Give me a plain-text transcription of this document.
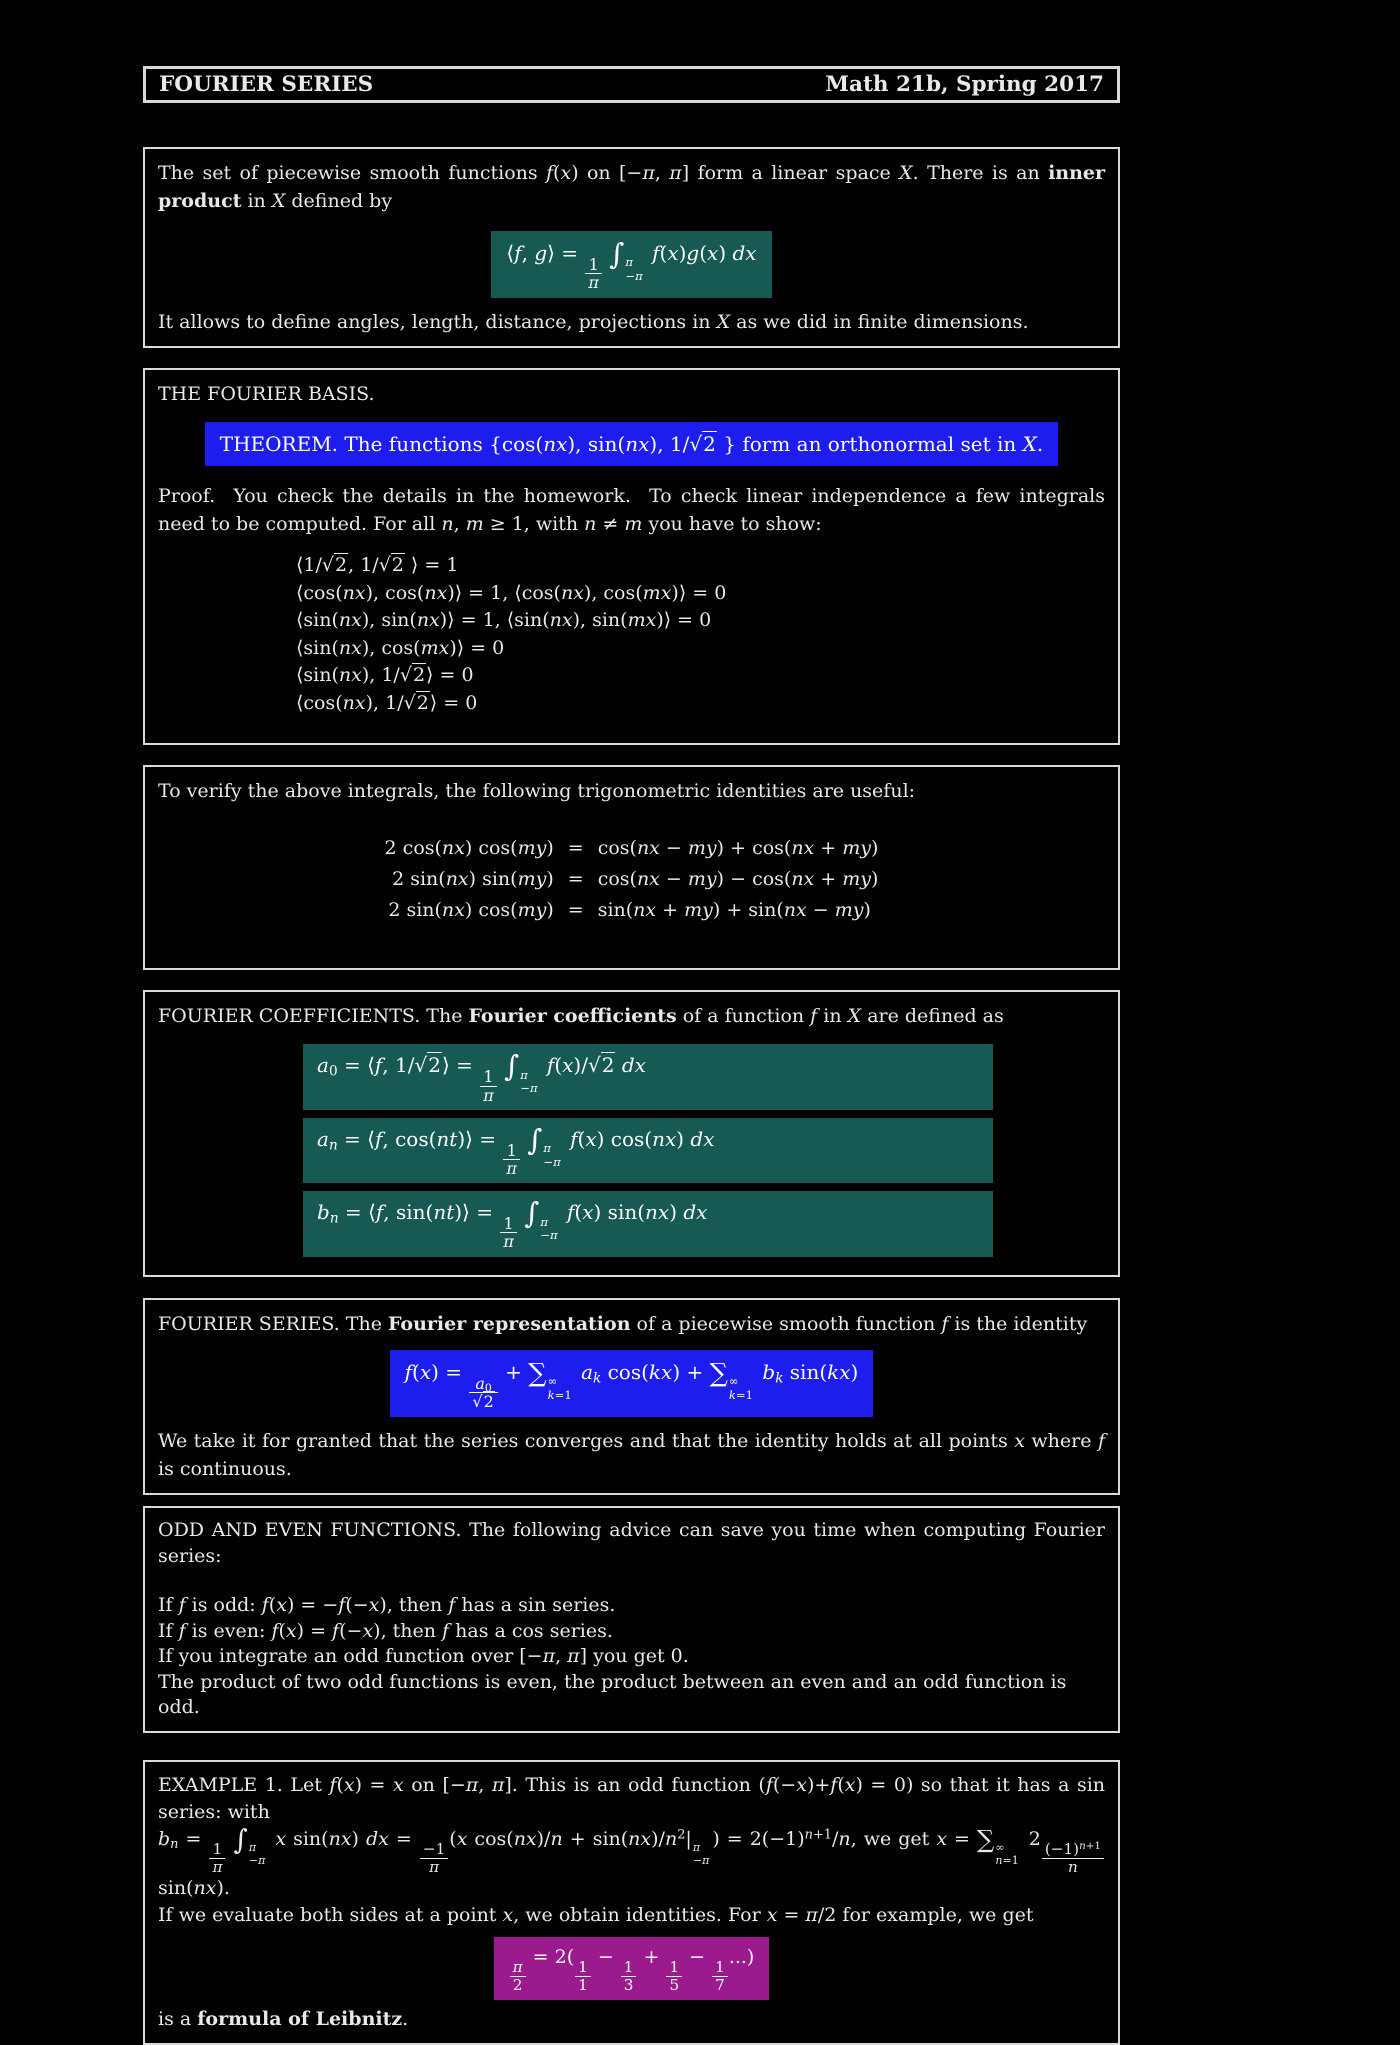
FOURIER SERIES	Math 21b, Spring 2017

The set of piecewise smooth functions f(x) on [−π, π] form a linear space X. There is an inner product in X defined by

⟨f, g⟩ =
$\frac{1}{\pi}$
∫ π
−π
f(x)g(x) dx

It allows to define angles, length, distance, projections in X as we did in finite dimensions.

THE FOURIER BASIS.

THEOREM. The functions {cos(nx), sin(nx), 1/√2 } form an orthonormal set in X.

Proof.  You check the details in the homework.  To check linear independence a few integrals need to be computed. For all n, m ≥ 1, with n ≠ m you have to show:

⟨1/√2, 1/√2 ⟩ = 1
⟨cos(nx), cos(nx)⟩ = 1, ⟨cos(nx), cos(mx)⟩ = 0
⟨sin(nx), sin(nx)⟩ = 1, ⟨sin(nx), sin(mx)⟩ = 0
⟨sin(nx), cos(mx)⟩ = 0
⟨sin(nx), 1/√2⟩ = 0
⟨cos(nx), 1/√2⟩ = 0

To verify the above integrals, the following trigonometric identities are useful:

2 cos(nx) cos(my)	=	cos(nx − my) + cos(nx + my)
2 sin(nx) sin(my)	=	cos(nx − my) − cos(nx + my)
2 sin(nx) cos(my)	=	sin(nx + my) + sin(nx − my)

FOURIER COEFFICIENTS. The Fourier coefficients of a function f in X are defined as

$a_0$ = ⟨f, 1/√2⟩ =
$\frac{1}{\pi}$
∫ π
−π
f(x)/√2 dx
$a_n$ = ⟨f, cos(nt)⟩ =
$\frac{1}{\pi}$
∫ π
−π
f(x) cos(nx) dx
$b_n$ = ⟨f, sin(nt)⟩ =
$\frac{1}{\pi}$
∫ π
−π
f(x) sin(nx) dx

FOURIER SERIES. The Fourier representation of a piecewise smooth function f is the identity

f(x) =
$\frac{a_0}{√2}$
+ ∑ ∞
k=1
$a_k$ cos(kx) + ∑ ∞
k=1
$b_k$ sin(kx)

We take it for granted that the series converges and that the identity holds at all points x where f is continuous.

ODD AND EVEN FUNCTIONS. The following advice can save you time when computing Fourier series:

If f is odd: f(x) = −f(−x), then f has a sin series.

If f is even: f(x) = f(−x), then f has a cos series.

If you integrate an odd function over [−π, π] you get 0.

The product of two odd functions is even, the product between an even and an odd function is odd.

EXAMPLE 1. Let f(x) = x on [−π, π]. This is an odd function (f(−x)+f(x) = 0) so that it has a sin series: with

$b_n$ =
$\frac{1}{\pi}$
∫ π
−π
x sin(nx) dx =
$\frac{-1}{\pi}$
(x $\cos(nx)/n + \sin(nx)/n^2|$ π
−π
) = $2(-1)^{n+1}/n$, we get x = ∑ ∞
n=1
2
$\frac{(-1)^{n+1}}{n}$
sin(nx).

If we evaluate both sides at a point x, we obtain identities. For x = π/2 for example, we get

$\frac{\pi}{2}$
= 2(
$\frac{1}{1}$
−
$\frac{1}{3}$
+
$\frac{1}{5}$
−
$\frac{1}{7}$
...)

is a formula of Leibnitz.
